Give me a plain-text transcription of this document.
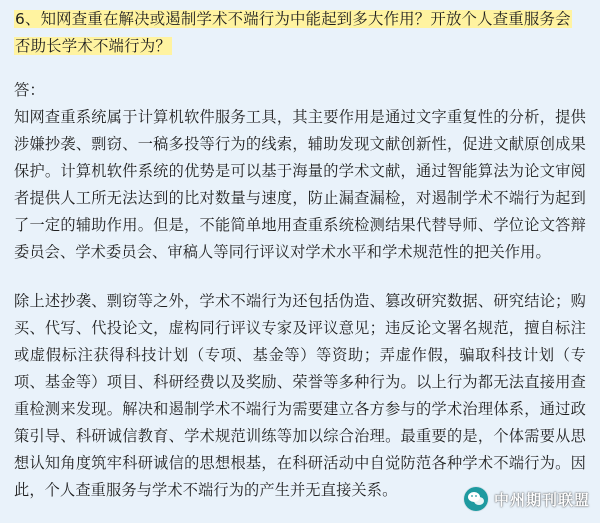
6、知网查重在解决或遏制学术不端行为中能起到多大作用？开放个人查重服务会否助长学术不端行为？

答：

知网查重系统属于计算机软件服务工具，其主要作用是通过文字重复性的分析，提供涉嫌抄袭、剽窃、一稿多投等行为的线索，辅助发现文献创新性，促进文献原创成果保护。计算机软件系统的优势是可以基于海量的学术文献，通过智能算法为论文审阅者提供人工所无法达到的比对数量与速度，防止漏查漏检，对遏制学术不端行为起到了一定的辅助作用。但是，不能简单地用查重系统检测结果代替导师、学位论文答辩委员会、学术委员会、审稿人等同行评议对学术水平和学术规范性的把关作用。

除上述抄袭、剽窃等之外，学术不端行为还包括伪造、篡改研究数据、研究结论；购买、代写、代投论文，虚构同行评议专家及评议意见；违反论文署名规范，擅自标注或虚假标注获得科技计划（专项、基金等）等资助；弄虚作假，骗取科技计划（专项、基金等）项目、科研经费以及奖励、荣誉等多种行为。以上行为都无法直接用查重检测来发现。解决和遏制学术不端行为需要建立各方参与的学术治理体系，通过政策引导、科研诚信教育、学术规范训练等加以综合治理。最重要的是，个体需要从思想认知角度筑牢科研诚信的思想根基，在科研活动中自觉防范各种学术不端行为。因此，个人查重服务与学术不端行为的产生并无直接关系。

中州期刊联盟
